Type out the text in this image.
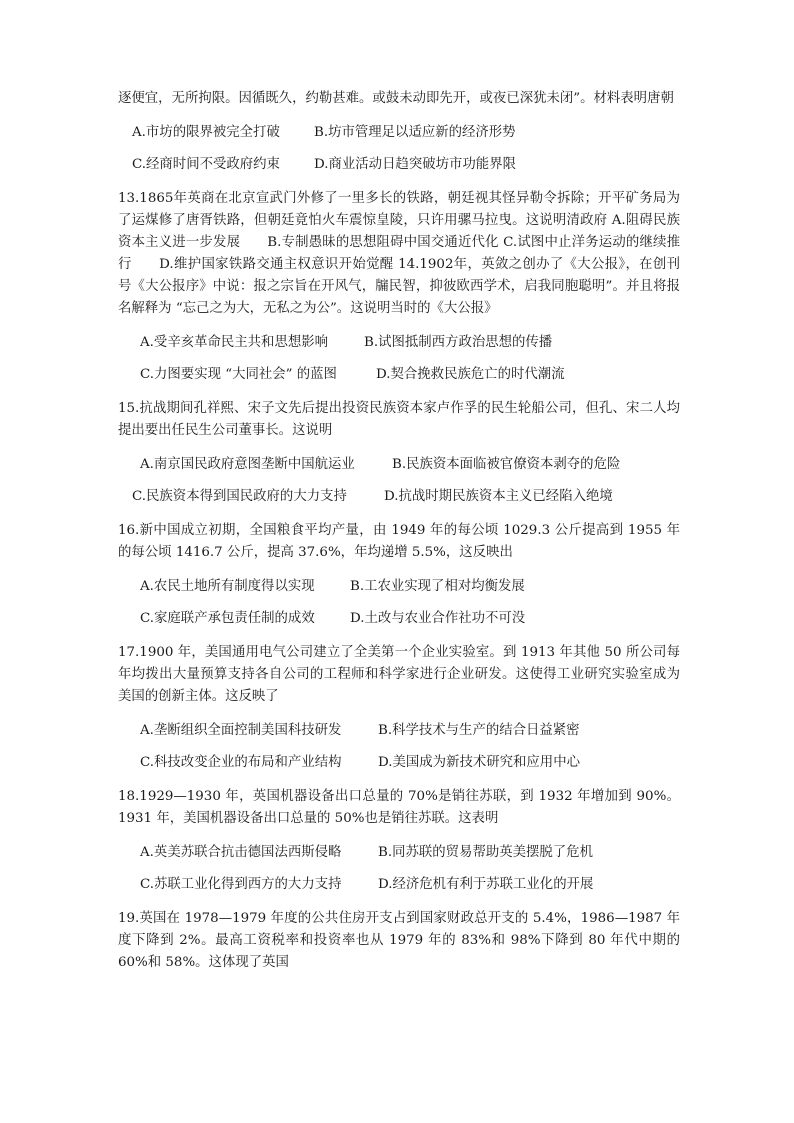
逐便宜，无所拘限。因循既久，约勒甚难。或鼓未动即先开，或夜已深犹未闭”。材料表明唐朝

A.市坊的限界被完全打破	B.坊市管理足以适应新的经济形势
C.经商时间不受政府约束	D.商业活动日趋突破坊市功能界限

13.1865年英商在北京宣武门外修了一里多长的铁路，朝廷视其怪异勒令拆除；开平矿务局为了运煤修了唐胥铁路，但朝廷竟怕火车震惊皇陵，只许用骡马拉曳。这说明清政府 A.阻碍民族资本主义进一步发展　　B.专制愚昧的思想阻碍中国交通近代化 C.试图中止洋务运动的继续推行　　D.维护国家铁路交通主权意识开始觉醒 14.1902年，英敛之创办了《大公报》，在创刊号《大公报序》中说：报之宗旨在开风气，牖民智，抑彼欧西学术，启我同胞聪明”。并且将报名解释为 “忘己之为大，无私之为公”。这说明当时的《大公报》

A.受辛亥革命民主共和思想影响	B.试图抵制西方政治思想的传播
C.力图要实现 “大同社会” 的蓝图	D.契合挽救民族危亡的时代潮流

15.抗战期间孔祥熙、宋子文先后提出投资民族资本家卢作孚的民生轮船公司，但孔、宋二人均提出要出任民生公司董事长。这说明

A.南京国民政府意图垄断中国航运业	B.民族资本面临被官僚资本剥夺的危险
C.民族资本得到国民政府的大力支持	D.抗战时期民族资本主义已经陷入绝境

16.新中国成立初期，全国粮食平均产量，由 1949 年的每公顷 1029.3 公斤提高到 1955 年的每公顷 1416.7 公斤，提高 37.6%，年均递增 5.5%，这反映出

A.农民土地所有制度得以实现	B.工农业实现了相对均衡发展
C.家庭联产承包责任制的成效	D.土改与农业合作社功不可没

17.1900 年，美国通用电气公司建立了全美第一个企业实验室。到 1913 年其他 50 所公司每年均拨出大量预算支持各自公司的工程师和科学家进行企业研发。这使得工业研究实验室成为美国的创新主体。这反映了

A.垄断组织全面控制美国科技研发	B.科学技术与生产的结合日益紧密
C.科技改变企业的布局和产业结构	D.美国成为新技术研究和应用中心

18.1929—1930 年，英国机器设备出口总量的 70%是销往苏联，到 1932 年增加到 90%。1931 年，美国机器设备出口总量的 50%也是销往苏联。这表明

A.英美苏联合抗击德国法西斯侵略	B.同苏联的贸易帮助英美摆脱了危机
C.苏联工业化得到西方的大力支持	D.经济危机有利于苏联工业化的开展

19.英国在 1978—1979 年度的公共住房开支占到国家财政总开支的 5.4%，1986—1987 年度下降到 2%。最高工资税率和投资率也从 1979 年的 83%和 98%下降到 80 年代中期的 60%和 58%。这体现了英国
